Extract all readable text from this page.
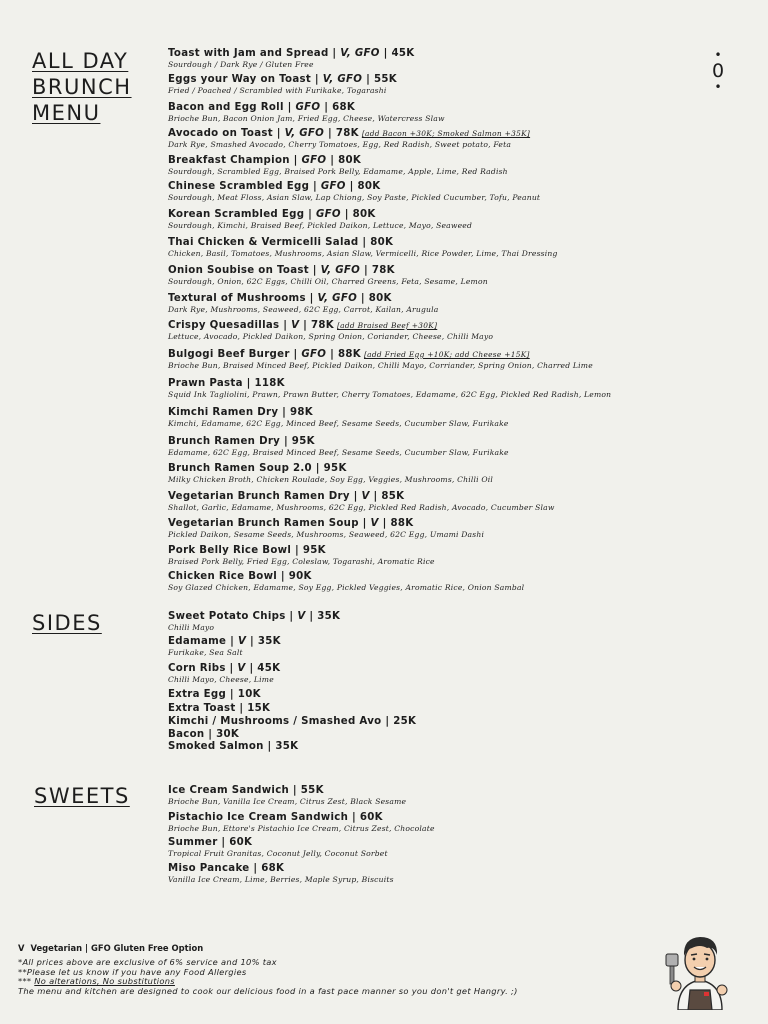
•
0
•
ALL DAY
BRUNCH
MENU
SIDES
SWEETS
Toast with Jam and Spread | V, GFO | 45K
Sourdough / Dark Rye / Gluten Free
Eggs your Way on Toast | V, GFO | 55K
Fried / Poached / Scrambled with Furikake, Togarashi
Bacon and Egg Roll | GFO | 68K
Brioche Bun, Bacon Onion Jam, Fried Egg, Cheese, Watercress Slaw
Avocado on Toast | V, GFO | 78K [add Bacon +30K; Smoked Salmon +35K]
Dark Rye, Smashed Avocado, Cherry Tomatoes, Egg, Red Radish, Sweet potato, Feta
Breakfast Champion | GFO | 80K
Sourdough, Scrambled Egg, Braised Pork Belly, Edamame, Apple, Lime, Red Radish
Chinese Scrambled Egg | GFO | 80K
Sourdough, Meat Floss, Asian Slaw, Lap Chiong, Soy Paste, Pickled Cucumber, Tofu, Peanut
Korean Scrambled Egg | GFO | 80K
Sourdough, Kimchi, Braised Beef, Pickled Daikon, Lettuce, Mayo, Seaweed
Thai Chicken & Vermicelli Salad | 80K
Chicken, Basil, Tomatoes, Mushrooms, Asian Slaw, Vermicelli, Rice Powder, Lime, Thai Dressing
Onion Soubise on Toast | V, GFO | 78K
Sourdough, Onion, 62C Eggs, Chilli Oil, Charred Greens, Feta, Sesame, Lemon
Textural of Mushrooms | V, GFO | 80K
Dark Rye, Mushrooms, Seaweed, 62C Egg, Carrot, Kailan, Arugula
Crispy Quesadillas | V | 78K [add Braised Beef +30K]
Lettuce, Avocado, Pickled Daikon, Spring Onion, Coriander, Cheese, Chilli Mayo
Bulgogi Beef Burger | GFO | 88K [add Fried Egg +10K; add Cheese +15K]
Brioche Bun, Braised Minced Beef, Pickled Daikon, Chilli Mayo, Corriander, Spring Onion, Charred Lime
Prawn Pasta | 118K
Squid Ink Tagliolini, Prawn, Prawn Butter, Cherry Tomatoes, Edamame, 62C Egg, Pickled Red Radish, Lemon
Kimchi Ramen Dry | 98K
Kimchi, Edamame, 62C Egg, Minced Beef, Sesame Seeds, Cucumber Slaw, Furikake
Brunch Ramen Dry | 95K
Edamame, 62C Egg, Braised Minced Beef, Sesame Seeds, Cucumber Slaw, Furikake
Brunch Ramen Soup 2.0 | 95K
Milky Chicken Broth, Chicken Roulade, Soy Egg, Veggies, Mushrooms, Chilli Oil
Vegetarian Brunch Ramen Dry | V | 85K
Shallot, Garlic, Edamame, Mushrooms, 62C Egg, Pickled Red Radish, Avocado, Cucumber Slaw
Vegetarian Brunch Ramen Soup | V | 88K
Pickled Daikon, Sesame Seeds, Mushrooms, Seaweed, 62C Egg, Umami Dashi
Pork Belly Rice Bowl | 95K
Braised Pork Belly, Fried Egg, Coleslaw, Togarashi, Aromatic Rice
Chicken Rice Bowl | 90K
Soy Glazed Chicken, Edamame, Soy Egg, Pickled Veggies, Aromatic Rice, Onion Sambal
Sweet Potato Chips | V | 35K
Chilli Mayo
Edamame | V | 35K
Furikake, Sea Salt
Corn Ribs | V | 45K
Chilli Mayo, Cheese, Lime
Extra Egg | 10K
Extra Toast | 15K
Kimchi / Mushrooms / Smashed Avo | 25K
Bacon | 30K
Smoked Salmon | 35K
Ice Cream Sandwich | 55K
Brioche Bun, Vanilla Ice Cream, Citrus Zest, Black Sesame
Pistachio Ice Cream Sandwich | 60K
Brioche Bun, Ettore's Pistachio Ice Cream, Citrus Zest, Chocolate
Summer | 60K
Tropical Fruit Granitas, Coconut Jelly, Coconut Sorbet
Miso Pancake | 68K
Vanilla Ice Cream, Lime, Berries, Maple Syrup, Biscuits
V Vegetarian | GFO Gluten Free Option
*All prices above are exclusive of 6% service and 10% tax
**Please let us know if you have any Food Allergies
*** No alterations, No substitutions
The menu and kitchen are designed to cook our delicious food in a fast pace manner so you don't get Hangry. ;)
